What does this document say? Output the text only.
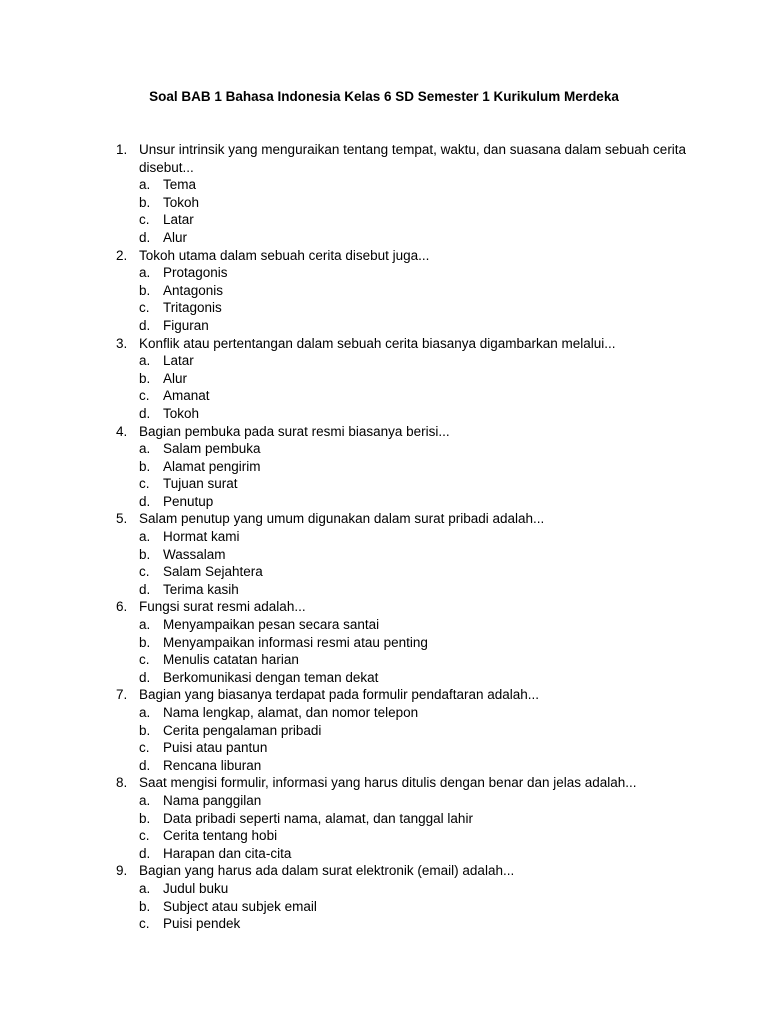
Soal BAB 1 Bahasa Indonesia Kelas 6 SD Semester 1 Kurikulum Merdeka
1. Unsur intrinsik yang menguraikan tentang tempat, waktu, dan suasana dalam sebuah cerita disebut...
a. Tema
b. Tokoh
c. Latar
d. Alur
2. Tokoh utama dalam sebuah cerita disebut juga...
a. Protagonis
b. Antagonis
c. Tritagonis
d. Figuran
3. Konflik atau pertentangan dalam sebuah cerita biasanya digambarkan melalui...
a. Latar
b. Alur
c. Amanat
d. Tokoh
4. Bagian pembuka pada surat resmi biasanya berisi...
a. Salam pembuka
b. Alamat pengirim
c. Tujuan surat
d. Penutup
5. Salam penutup yang umum digunakan dalam surat pribadi adalah...
a. Hormat kami
b. Wassalam
c. Salam Sejahtera
d. Terima kasih
6. Fungsi surat resmi adalah...
a. Menyampaikan pesan secara santai
b. Menyampaikan informasi resmi atau penting
c. Menulis catatan harian
d. Berkomunikasi dengan teman dekat
7. Bagian yang biasanya terdapat pada formulir pendaftaran adalah...
a. Nama lengkap, alamat, dan nomor telepon
b. Cerita pengalaman pribadi
c. Puisi atau pantun
d. Rencana liburan
8. Saat mengisi formulir, informasi yang harus ditulis dengan benar dan jelas adalah...
a. Nama panggilan
b. Data pribadi seperti nama, alamat, dan tanggal lahir
c. Cerita tentang hobi
d. Harapan dan cita-cita
9. Bagian yang harus ada dalam surat elektronik (email) adalah...
a. Judul buku
b. Subject atau subjek email
c. Puisi pendek
